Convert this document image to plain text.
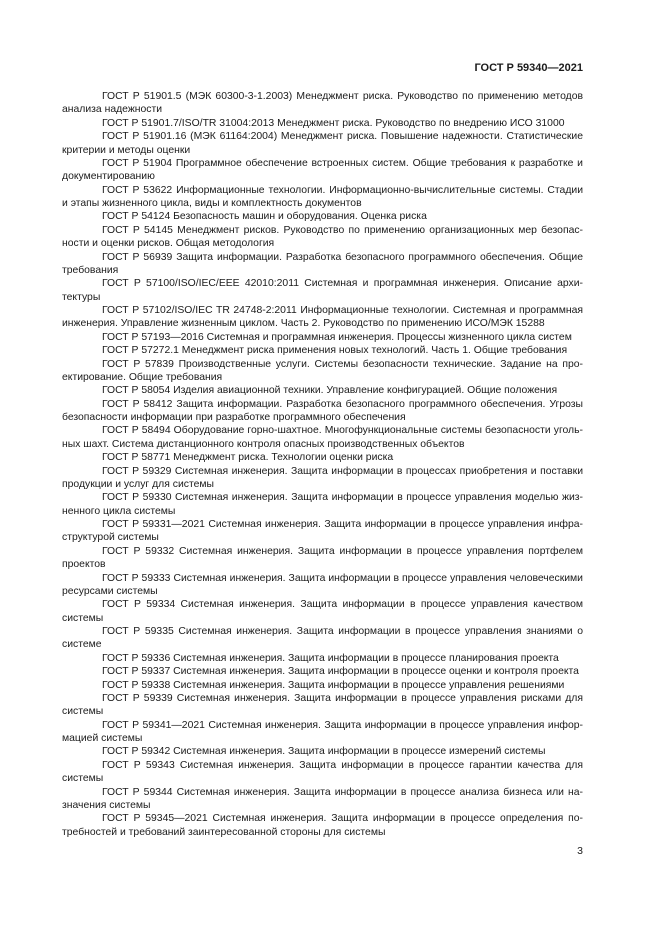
ГОСТ Р 59340—2021
ГОСТ Р 51901.5 (МЭК 60300-3-1.2003) Менеджмент риска. Руководство по применению методов
анализа надежности
ГОСТ Р 51901.7/ISO/TR 31004:2013 Менеджмент риска. Руководство по внедрению ИСО 31000
ГОСТ Р 51901.16 (МЭК 61164:2004) Менеджмент риска. Повышение надежности. Статистические
критерии и методы оценки
ГОСТ Р 51904 Программное обеспечение встроенных систем. Общие требования к разработке и
документированию
ГОСТ Р 53622 Информационные технологии. Информационно-вычислительные системы. Стадии
и этапы жизненного цикла, виды и комплектность документов
ГОСТ Р 54124 Безопасность машин и оборудования. Оценка риска
ГОСТ Р 54145 Менеджмент рисков. Руководство по применению организационных мер безопас-
ности и оценки рисков. Общая методология
ГОСТ Р 56939 Защита информации. Разработка безопасного программного обеспечения. Общие
требования
ГОСТ Р 57100/ISO/IEC/EEE 42010:2011 Системная и программная инженерия. Описание архи-
тектуры
ГОСТ Р 57102/ISO/IEC TR 24748-2:2011 Информационные технологии. Системная и программная
инженерия. Управление жизненным циклом. Часть 2. Руководство по применению ИСО/МЭК 15288
ГОСТ Р 57193—2016 Системная и программная инженерия. Процессы жизненного цикла систем
ГОСТ Р 57272.1 Менеджмент риска применения новых технологий. Часть 1. Общие требования
ГОСТ Р 57839 Производственные услуги. Системы безопасности технические. Задание на про-
ектирование. Общие требования
ГОСТ Р 58054 Изделия авиационной техники. Управление конфигурацией. Общие положения
ГОСТ Р 58412 Защита информации. Разработка безопасного программного обеспечения. Угрозы
безопасности информации при разработке программного обеспечения
ГОСТ Р 58494 Оборудование горно-шахтное. Многофункциональные системы безопасности уголь-
ных шахт. Система дистанционного контроля опасных производственных объектов
ГОСТ Р 58771 Менеджмент риска. Технологии оценки риска
ГОСТ Р 59329 Системная инженерия. Защита информации в процессах приобретения и поставки
продукции и услуг для системы
ГОСТ Р 59330 Системная инженерия. Защита информации в процессе управления моделью жиз-
ненного цикла системы
ГОСТ Р 59331—2021 Системная инженерия. Защита информации в процессе управления инфра-
структурой системы
ГОСТ Р 59332 Системная инженерия. Защита информации в процессе управления портфелем
проектов
ГОСТ Р 59333 Системная инженерия. Защита информации в процессе управления человеческими
ресурсами системы
ГОСТ Р 59334 Системная инженерия. Защита информации в процессе управления качеством
системы
ГОСТ Р 59335 Системная инженерия. Защита информации в процессе управления знаниями о
системе
ГОСТ Р 59336 Системная инженерия. Защита информации в процессе планирования проекта
ГОСТ Р 59337 Системная инженерия. Защита информации в процессе оценки и контроля проекта
ГОСТ Р 59338 Системная инженерия. Защита информации в процессе управления решениями
ГОСТ Р 59339 Системная инженерия. Защита информации в процессе управления рисками для
системы
ГОСТ Р 59341—2021 Системная инженерия. Защита информации в процессе управления инфор-
мацией системы
ГОСТ Р 59342 Системная инженерия. Защита информации в процессе измерений системы
ГОСТ Р 59343 Системная инженерия. Защита информации в процессе гарантии качества для
системы
ГОСТ Р 59344 Системная инженерия. Защита информации в процессе анализа бизнеса или на-
значения системы
ГОСТ Р 59345—2021 Системная инженерия. Защита информации в процессе определения по-
требностей и требований заинтересованной стороны для системы
3
